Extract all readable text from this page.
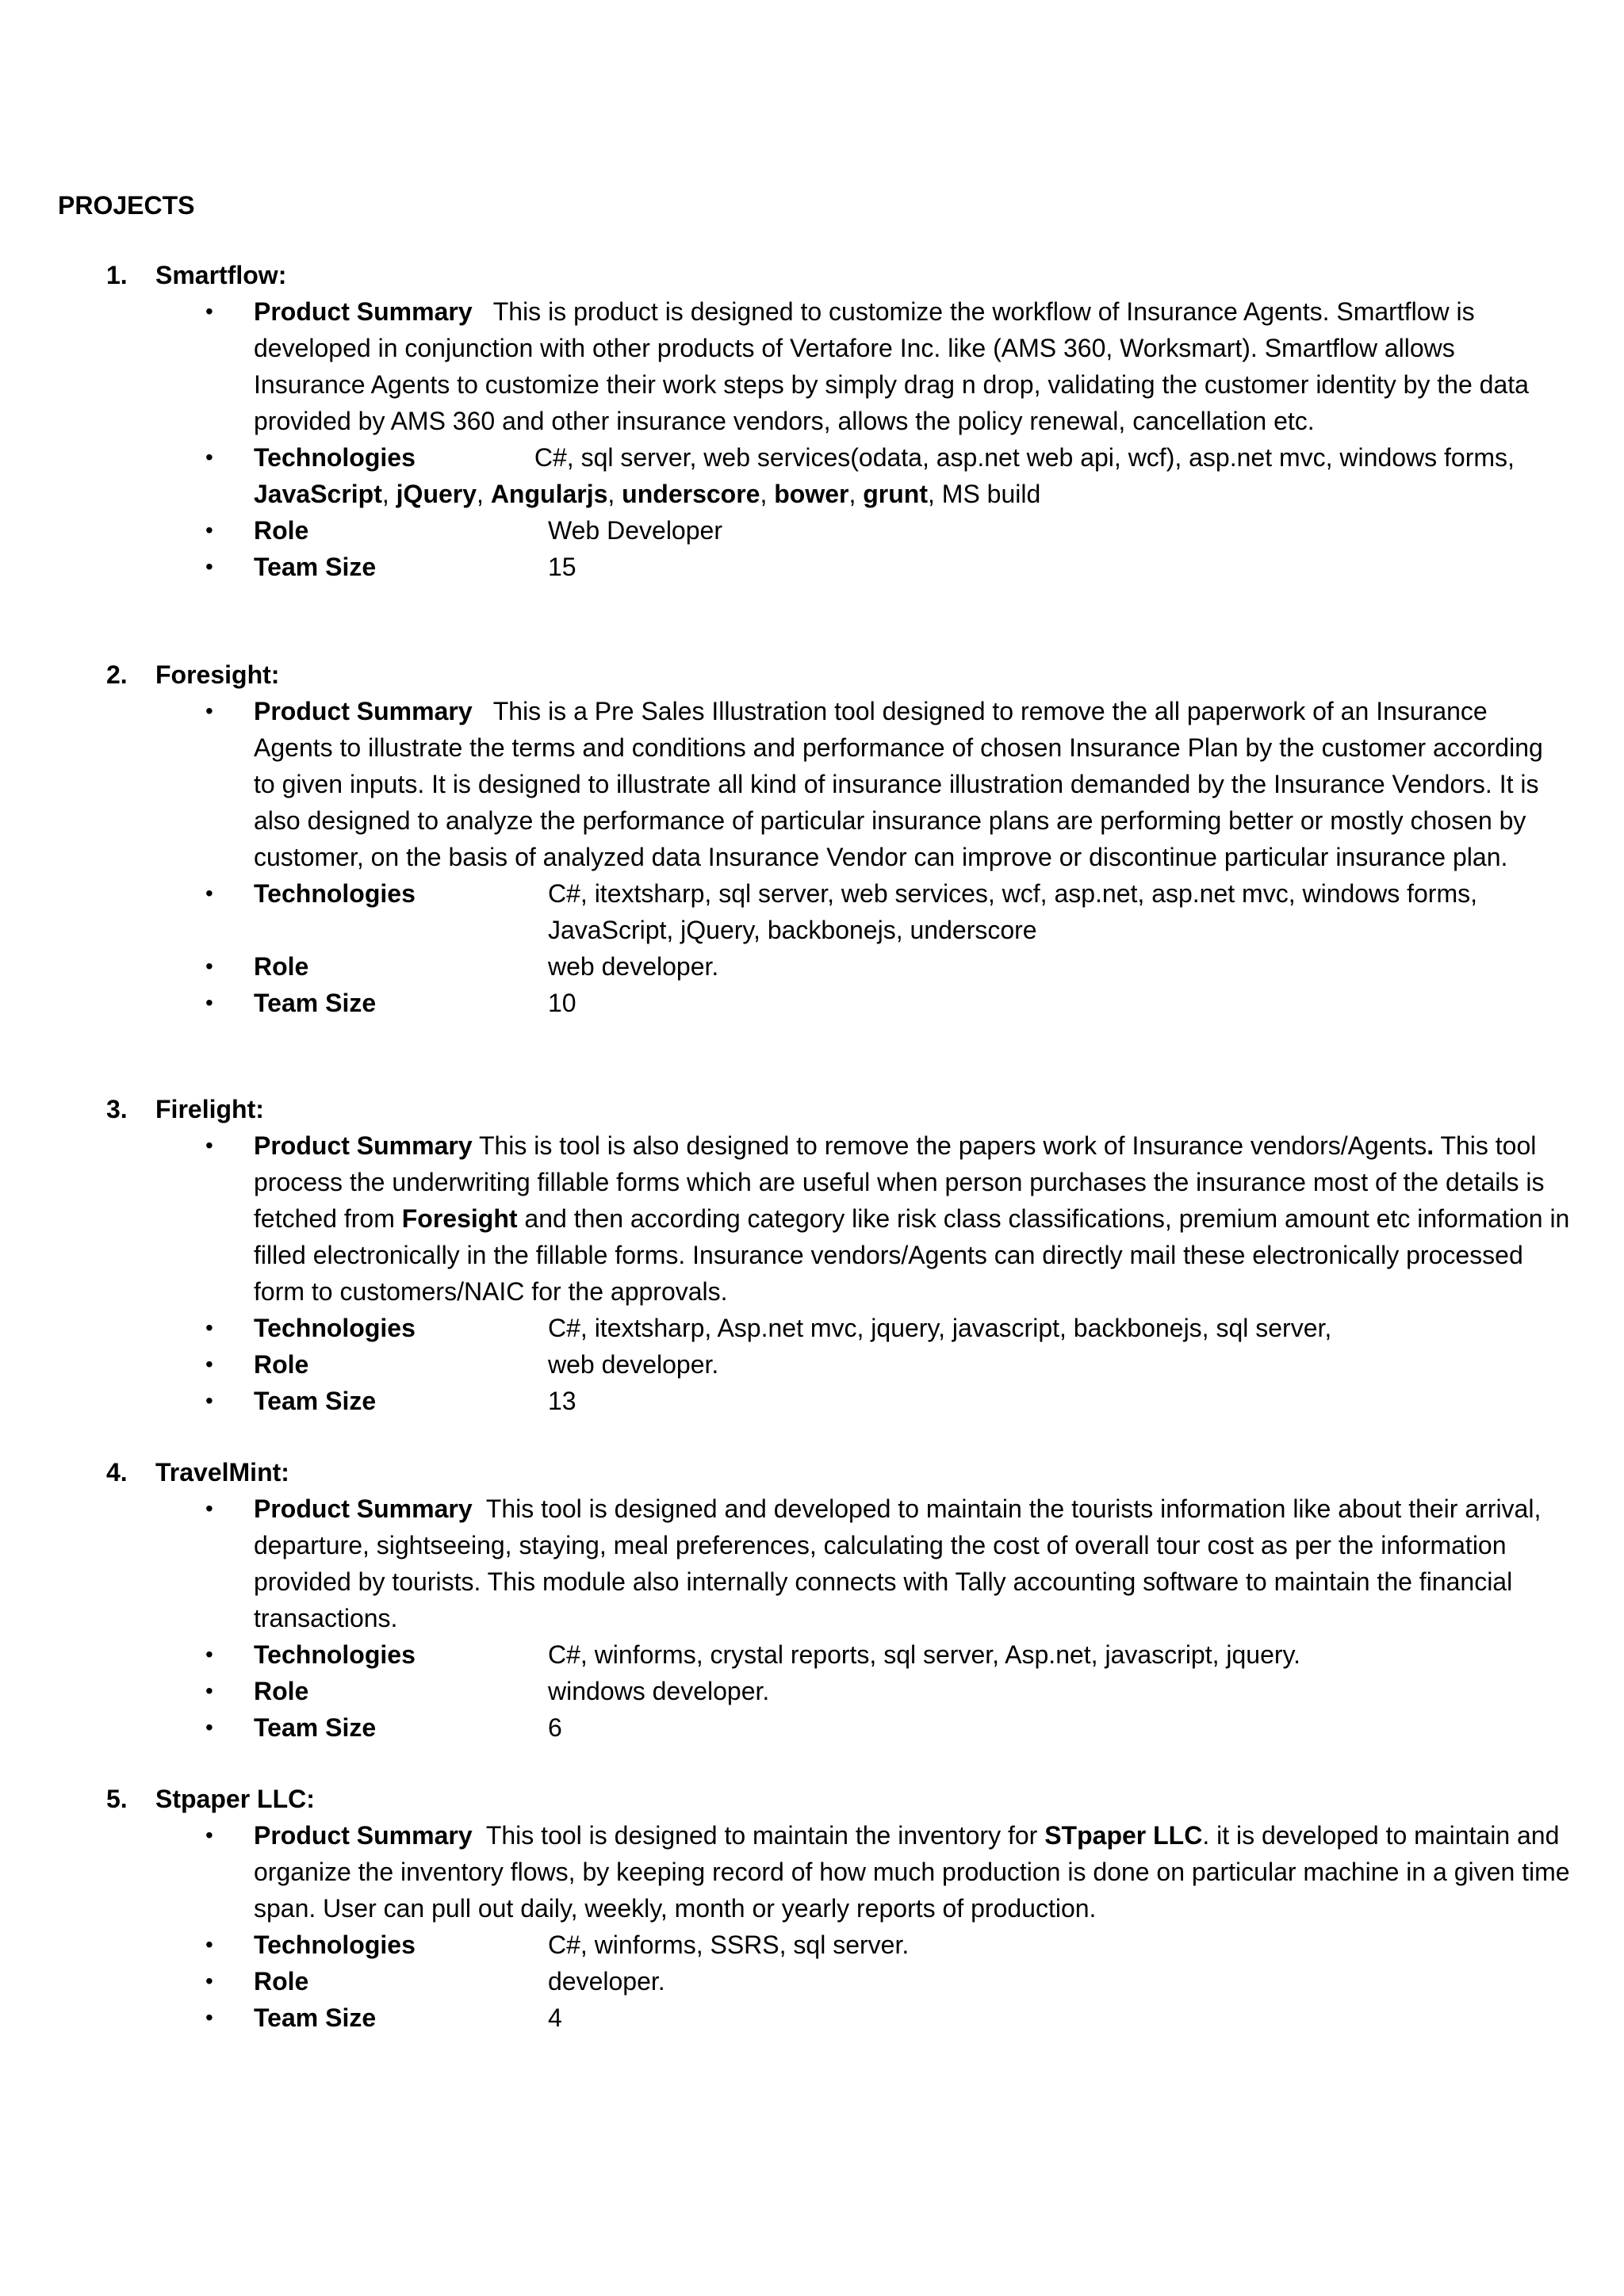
PROJECTS
1. Smartflow:
• Product Summary This is product is designed to customize the workflow of Insurance Agents. Smartflow is developed in conjunction with other products of Vertafore Inc. like (AMS 360, Worksmart). Smartflow allows Insurance Agents to customize their work steps by simply drag n drop, validating the customer identity by the data provided by AMS 360 and other insurance vendors, allows the policy renewal, cancellation etc.
• Technologies	C#, sql server, web services(odata, asp.net web api, wcf), asp.net mvc, windows forms, JavaScript, jQuery, Angularjs, underscore, bower, grunt, MS build
• Role	Web Developer
• Team Size	15
2. Foresight:
• Product Summary This is a Pre Sales Illustration tool designed to remove the all paperwork of an Insurance Agents to illustrate the terms and conditions and performance of chosen Insurance Plan by the customer according to given inputs. It is designed to illustrate all kind of insurance illustration demanded by the Insurance Vendors. It is also designed to analyze the performance of particular insurance plans are performing better or mostly chosen by customer, on the basis of analyzed data Insurance Vendor can improve or discontinue particular insurance plan.
• Technologies	C#, itextsharp, sql server, web services, wcf, asp.net, asp.net mvc, windows forms, JavaScript, jQuery, backbonejs, underscore
• Role	web developer.
• Team Size	10
3. Firelight:
• Product Summary This is tool is also designed to remove the papers work of Insurance vendors/Agents. This tool process the underwriting fillable forms which are useful when person purchases the insurance most of the details is fetched from Foresight and then according category like risk class classifications, premium amount etc information in filled electronically in the fillable forms. Insurance vendors/Agents can directly mail these electronically processed form to customers/NAIC for the approvals.
• Technologies	C#, itextsharp, Asp.net mvc, jquery, javascript, backbonejs, sql server,
• Role	web developer.
• Team Size	13
4. TravelMint:
• Product Summary This tool is designed and developed to maintain the tourists information like about their arrival, departure, sightseeing, staying, meal preferences, calculating the cost of overall tour cost as per the information provided by tourists. This module also internally connects with Tally accounting software to maintain the financial transactions.
• Technologies	C#, winforms, crystal reports, sql server, Asp.net, javascript, jquery.
• Role	windows developer.
• Team Size	6
5. Stpaper LLC:
• Product Summary This tool is designed to maintain the inventory for STpaper LLC. it is developed to maintain and organize the inventory flows, by keeping record of how much production is done on particular machine in a given time span. User can pull out daily, weekly, month or yearly reports of production.
• Technologies	C#, winforms, SSRS, sql server.
• Role	developer.
• Team Size	4
